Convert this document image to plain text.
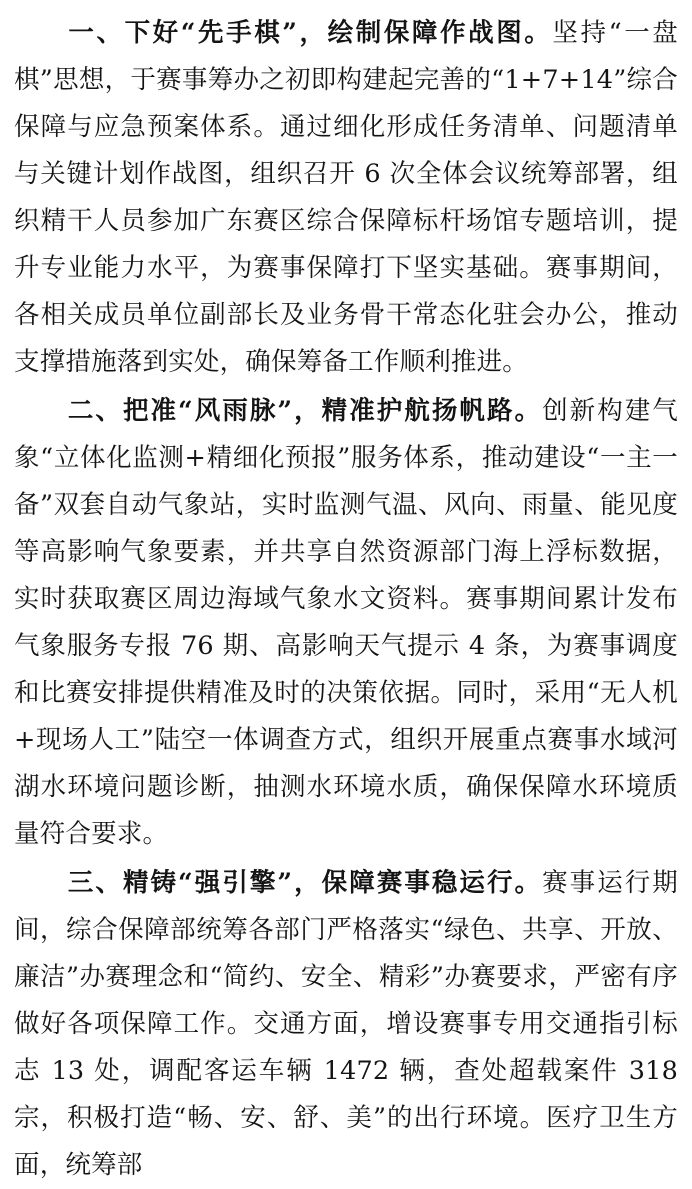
一、下好“先手棋”，绘制保障作战图。坚持“一盘棋”思想，于赛事筹办之初即构建起完善的“1+7+14”综合保障与应急预案体系。通过细化形成任务清单、问题清单与关键计划作战图，组织召开 6 次全体会议统筹部署，组织精干人员参加广东赛区综合保障标杆场馆专题培训，提升专业能力水平，为赛事保障打下坚实基础。赛事期间，各相关成员单位副部长及业务骨干常态化驻会办公，推动支撑措施落到实处，确保筹备工作顺利推进。

二、把准“风雨脉”，精准护航扬帆路。创新构建气象“立体化监测+精细化预报”服务体系，推动建设“一主一备”双套自动气象站，实时监测气温、风向、雨量、能见度等高影响气象要素，并共享自然资源部门海上浮标数据，实时获取赛区周边海域气象水文资料。赛事期间累计发布气象服务专报 76 期、高影响天气提示 4 条，为赛事调度和比赛安排提供精准及时的决策依据。同时，采用“无人机+现场人工”陆空一体调查方式，组织开展重点赛事水域河湖水环境问题诊断，抽测水环境水质，确保保障水环境质量符合要求。

三、精铸“强引擎”，保障赛事稳运行。赛事运行期间，综合保障部统筹各部门严格落实“绿色、共享、开放、廉洁”办赛理念和“简约、安全、精彩”办赛要求，严密有序做好各项保障工作。交通方面，增设赛事专用交通指引标志 13 处，调配客运车辆 1472 辆，查处超载案件 318 宗，积极打造“畅、安、舒、美”的出行环境。医疗卫生方面，统筹部
